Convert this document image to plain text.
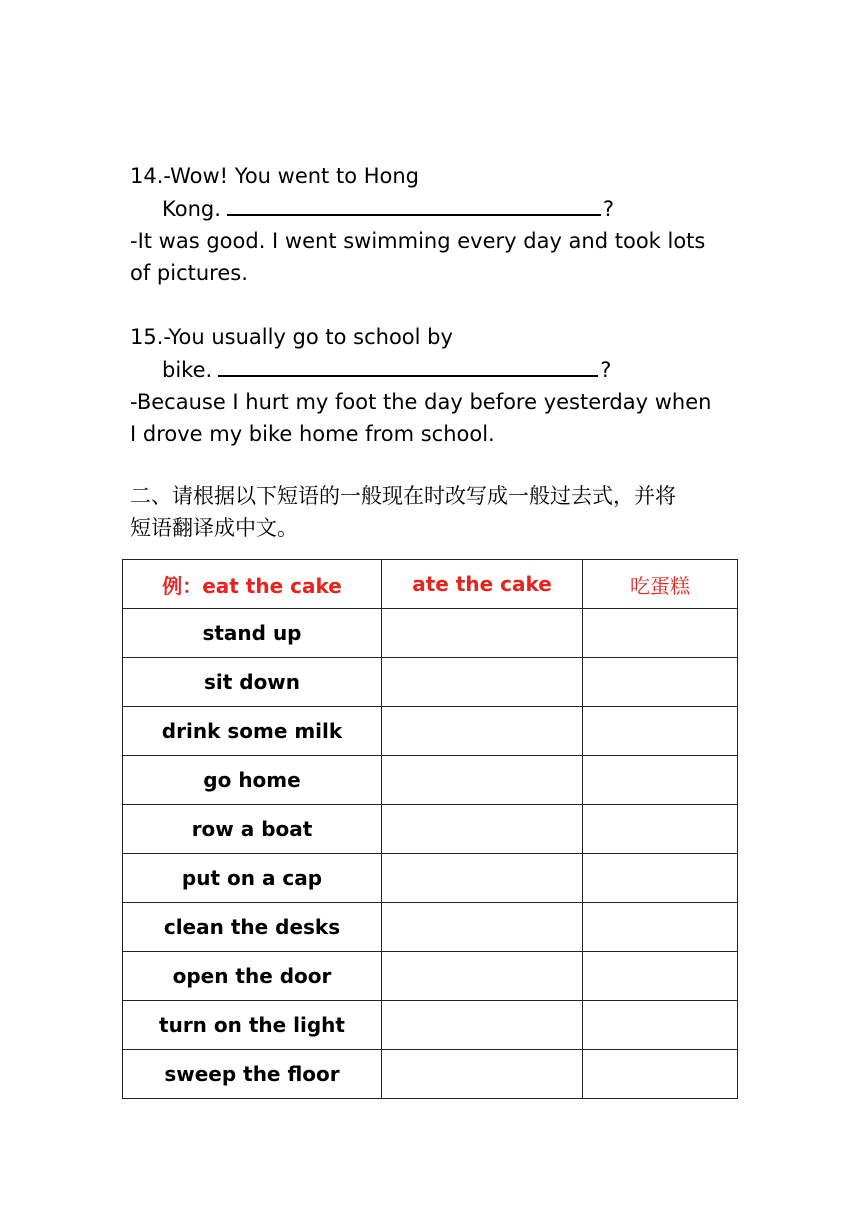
14.-Wow! You went to Hong
Kong.	?
-It was good. I went swimming every day and took lots
of pictures.
15.-You usually go to school by
bike.	?
-Because I hurt my foot the day before yesterday when
I drove my bike home from school.
二、请根据以下短语的一般现在时改写成一般过去式，并将
短语翻译成中文。
例：eat the cake	ate the cake	吃蛋糕
stand up		
sit down		
drink some milk		
go home		
row a boat		
put on a cap		
clean the desks		
open the door		
turn on the light		
sweep the floor		
